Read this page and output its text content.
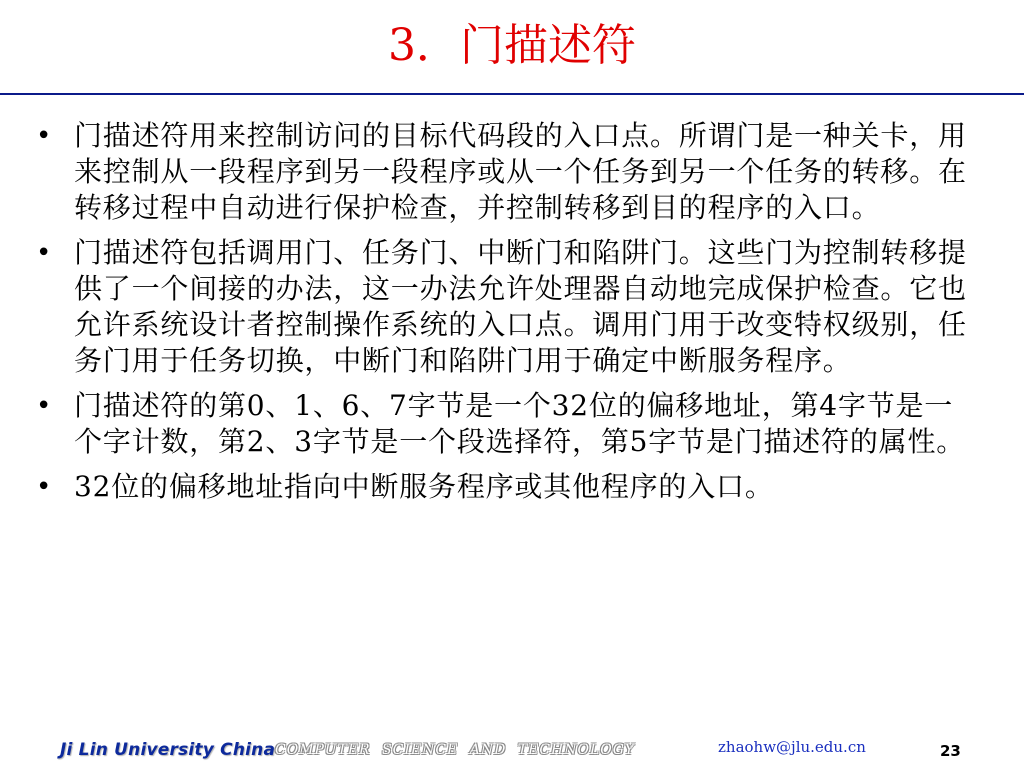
3．门描述符
• 门描述符用来控制访问的目标代码段的入口点。所谓门是一种关卡，用来控制从一段程序到另一段程序或从一个任务到另一个任务的转移。在转移过程中自动进行保护检查，并控制转移到目的程序的入口。
• 门描述符包括调用门、任务门、中断门和陷阱门。这些门为控制转移提供了一个间接的办法，这一办法允许处理器自动地完成保护检查。它也允许系统设计者控制操作系统的入口点。调用门用于改变特权级别，任务门用于任务切换，中断门和陷阱门用于确定中断服务程序。
• 门描述符的第0、1、6、7字节是一个32位的偏移地址，第4字节是一个字计数，第2、3字节是一个段选择符，第5字节是门描述符的属性。
• 32位的偏移地址指向中断服务程序或其他程序的入口。
Ji Lin University China COMPUTER SCIENCE AND TECHNOLOGY	zhaohw@jlu.edu.cn	23
